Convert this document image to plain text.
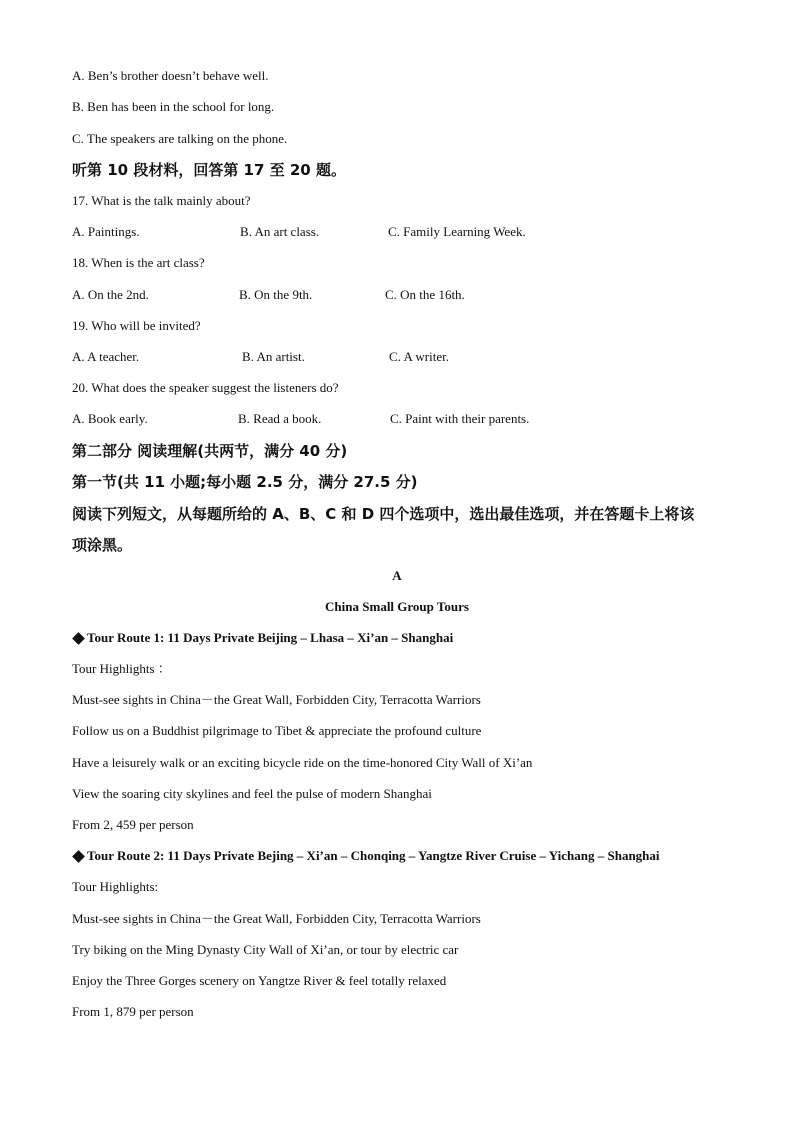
A. Ben’s brother doesn’t behave well.
B. Ben has been in the school for long.
C. The speakers are talking on the phone.
听第 10 段材料，回答第 17 至 20 题。
17. What is the talk mainly about?
A. Paintings.	B. An art class.	C. Family Learning Week.
18. When is the art class?
A. On the 2nd.	B. On the 9th.	C. On the 16th.
19. Who will be invited?
A. A teacher.	B. An artist.	C. A writer.
20. What does the speaker suggest the listeners do?
A. Book early.	B. Read a book.	C. Paint with their parents.
第二部分 阅读理解(共两节，满分 40 分)
第一节(共 11 小题;每小题 2.5 分，满分 27.5 分)
阅读下列短文，从每题所给的 A、B、C 和 D 四个选项中，选出最佳选项，并在答题卡上将该
项涂黑。
A
China Small Group Tours
Tour Route 1: 11 Days Private Beijing – Lhasa – Xi’an – Shanghai
Tour Highlights ：
Must-see sights in China－the Great Wall, Forbidden City, Terracotta Warriors
Follow us on a Buddhist pilgrimage to Tibet & appreciate the profound culture
Have a leisurely walk or an exciting bicycle ride on the time-honored City Wall of Xi’an
View the soaring city skylines and feel the pulse of modern Shanghai
From 2, 459 per person
Tour Route 2: 11 Days Private Bejing – Xi’an – Chonqing – Yangtze River Cruise – Yichang – Shanghai
Tour Highlights:
Must-see sights in China－the Great Wall, Forbidden City, Terracotta Warriors
Try biking on the Ming Dynasty City Wall of Xi’an, or tour by electric car
Enjoy the Three Gorges scenery on Yangtze River & feel totally relaxed
From 1, 879 per person
